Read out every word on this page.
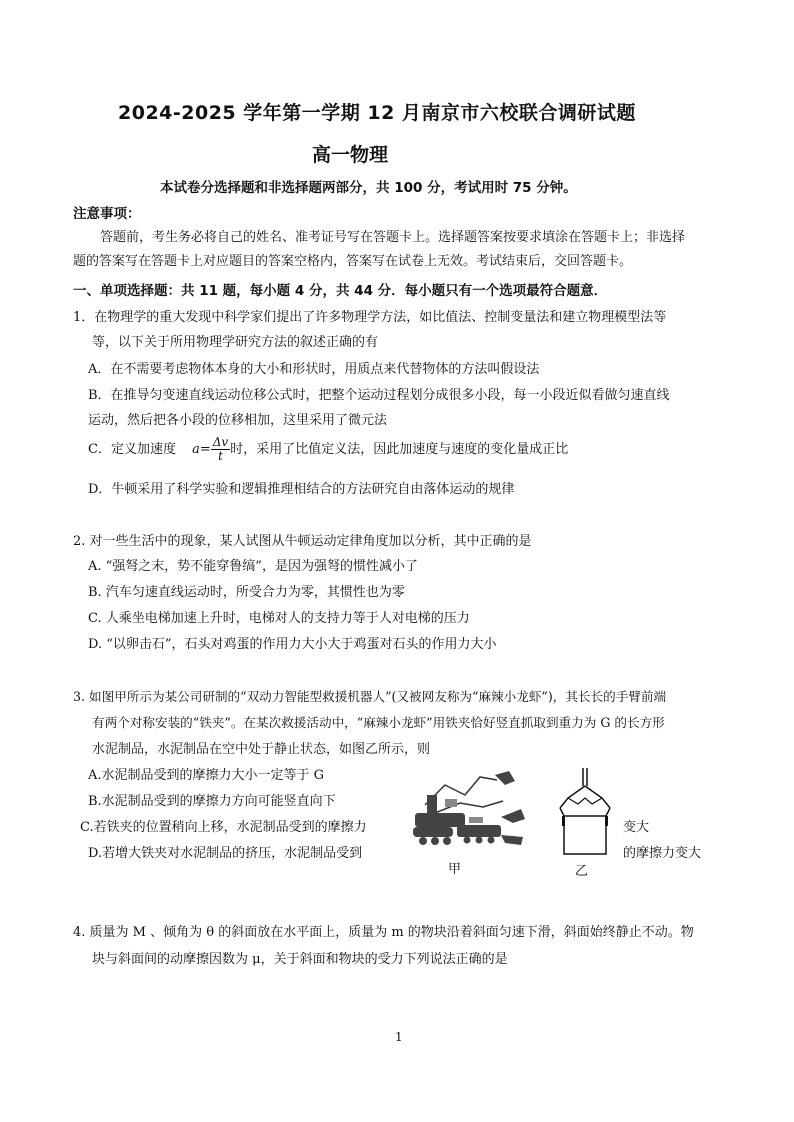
2024-2025 学年第一学期 12 月南京市六校联合调研试题
高一物理
本试卷分选择题和非选择题两部分，共 100 分，考试用时 75 分钟。
注意事项：
答题前，考生务必将自己的姓名、准考证号写在答题卡上。选择题答案按要求填涂在答题卡上；非选择
题的答案写在答题卡上对应题目的答案空格内，答案写在试卷上无效。考试结束后，交回答题卡。
一、单项选择题：共 11 题，每小题 4 分，共 44 分．每小题只有一个选项最符合题意．
1．在物理学的重大发现中科学家们提出了许多物理学方法，如比值法、控制变量法和建立物理模型法等
等，以下关于所用物理学研究方法的叙述正确的有
A．在不需要考虑物体本身的大小和形状时，用质点来代替物体的方法叫假设法
B．在推导匀变速直线运动位移公式时，把整个运动过程划分成很多小段，每一小段近似看做匀速直线
运动，然后把各小段的位移相加，这里采用了微元法
C．定义加速度 $a= \frac{\Delta v}{t}$ 时，采用了比值定义法，因此加速度与速度的变化量成正比
D．牛顿采用了科学实验和逻辑推理相结合的方法研究自由落体运动的规律
2. 对一些生活中的现象，某人试图从牛顿运动定律角度加以分析，其中正确的是
A. “强弩之末，势不能穿鲁缟”，是因为强弩的惯性减小了
B. 汽车匀速直线运动时，所受合力为零，其惯性也为零
C. 人乘坐电梯加速上升时，电梯对人的支持力等于人对电梯的压力
D. “以卵击石”，石头对鸡蛋的作用力大小大于鸡蛋对石头的作用力大小
3. 如图甲所示为某公司研制的“双动力智能型救援机器人”(又被网友称为“麻辣小龙虾”)，其长长的手臂前端
有两个对称安装的“铁夹”。在某次救援活动中，“麻辣小龙虾”用铁夹恰好竖直抓取到重力为 G 的长方形
水泥制品，水泥制品在空中处于静止状态，如图乙所示，则
A.水泥制品受到的摩擦力大小一定等于 G
B.水泥制品受到的摩擦力方向可能竖直向下
C.若铁夹的位置稍向上移，水泥制品受到的摩擦力	变大
D.若增大铁夹对水泥制品的挤压，水泥制品受到	的摩擦力变大
甲	乙
4. 质量为 M 、倾角为 θ 的斜面放在水平面上，质量为 m 的物块沿着斜面匀速下滑，斜面始终静止不动。物
块与斜面间的动摩擦因数为 μ，关于斜面和物块的受力下列说法正确的是
1
